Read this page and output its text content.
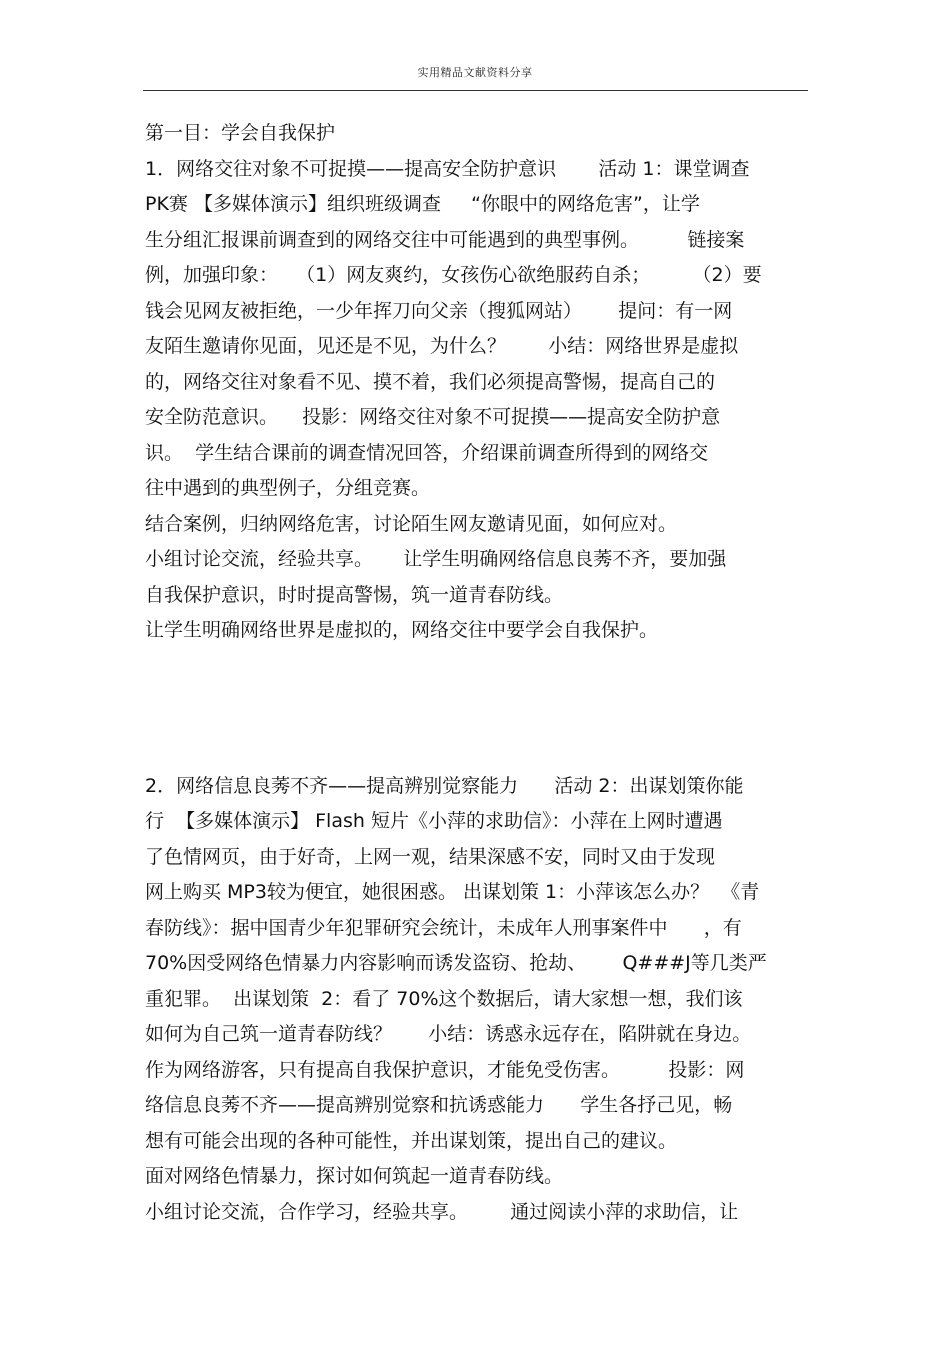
实用精品文献资料分享
第一目：学会自我保护
1．网络交往对象不可捉摸——提高安全防护意识       活动 1：课堂调查
PK赛 【多媒体演示】组织班级调查     “你眼中的网络危害”，让学
生分组汇报课前调查到的网络交往中可能遇到的典型事例。        链接案
例，加强印象：   （1）网友爽约，女孩伤心欲绝服药自杀；       （2）要
钱会见网友被拒绝，一少年挥刀向父亲（搜狐网站）      提问：有一网
友陌生邀请你见面，见还是不见，为什么？       小结：网络世界是虚拟
的，网络交往对象看不见、摸不着，我们必须提高警惕，提高自己的
安全防范意识。    投影：网络交往对象不可捉摸——提高安全防护意
识。  学生结合课前的调查情况回答，介绍课前调查所得到的网络交
往中遇到的典型例子，分组竞赛。
结合案例，归纳网络危害，讨论陌生网友邀请见面，如何应对。
小组讨论交流，经验共享。     让学生明确网络信息良莠不齐，要加强
自我保护意识，时时提高警惕，筑一道青春防线。
让学生明确网络世界是虚拟的，网络交往中要学会自我保护。
2．网络信息良莠不齐——提高辨别觉察能力      活动 2：出谋划策你能
行  【多媒体演示】 Flash 短片《小萍的求助信》：小萍在上网时遭遇
了色情网页，由于好奇，上网一观，结果深感不安，同时又由于发现
网上购买 MP3较为便宜，她很困惑。 出谋划策 1：小萍该怎么办？  《青
春防线》：据中国青少年犯罪研究会统计，未成年人刑事案件中      ，有
70%因受网络色情暴力内容影响而诱发盗窃、抢劫、      Q###J等几类严
重犯罪。  出谋划策  2：看了 70%这个数据后，请大家想一想，我们该
如何为自己筑一道青春防线？      小结：诱惑永远存在，陷阱就在身边。
作为网络游客，只有提高自我保护意识，才能免受伤害。        投影：网
络信息良莠不齐——提高辨别觉察和抗诱惑能力      学生各抒己见，畅
想有可能会出现的各种可能性，并出谋划策，提出自己的建议。
面对网络色情暴力，探讨如何筑起一道青春防线。
小组讨论交流，合作学习，经验共享。       通过阅读小萍的求助信，让
